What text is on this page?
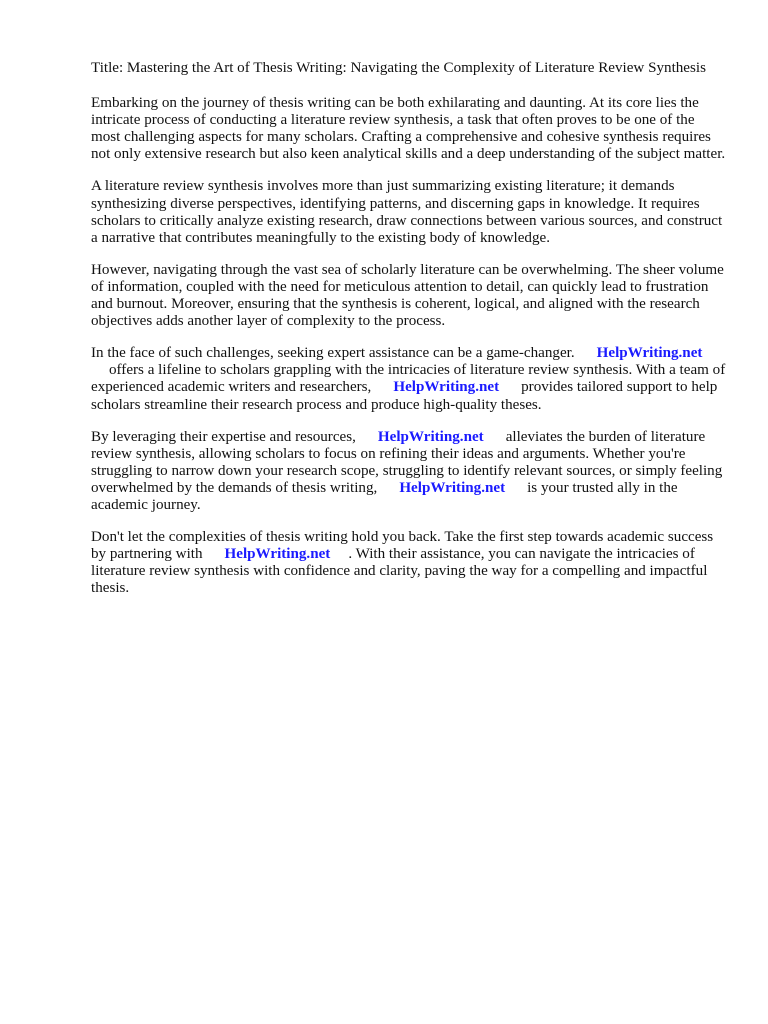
Title: Mastering the Art of Thesis Writing: Navigating the Complexity of Literature Review Synthesis

Embarking on the journey of thesis writing can be both exhilarating and daunting. At its core lies the intricate process of conducting a literature review synthesis, a task that often proves to be one of the most challenging aspects for many scholars. Crafting a comprehensive and cohesive synthesis requires not only extensive research but also keen analytical skills and a deep understanding of the subject matter.

A literature review synthesis involves more than just summarizing existing literature; it demands synthesizing diverse perspectives, identifying patterns, and discerning gaps in knowledge. It requires scholars to critically analyze existing research, draw connections between various sources, and construct a narrative that contributes meaningfully to the existing body of knowledge.

However, navigating through the vast sea of scholarly literature can be overwhelming. The sheer volume of information, coupled with the need for meticulous attention to detail, can quickly lead to frustration and burnout. Moreover, ensuring that the synthesis is coherent, logical, and aligned with the research objectives adds another layer of complexity to the process.

In the face of such challenges, seeking expert assistance can be a game-changer. HelpWriting.net
offers a lifeline to scholars grappling with the intricacies of literature review synthesis. With a team of experienced academic writers and researchers, HelpWriting.net provides tailored support to help scholars streamline their research process and produce high-quality theses.

By leveraging their expertise and resources, HelpWriting.net alleviates the burden of literature review synthesis, allowing scholars to focus on refining their ideas and arguments. Whether you're struggling to narrow down your research scope, struggling to identify relevant sources, or simply feeling overwhelmed by the demands of thesis writing, HelpWriting.net is your trusted ally in the academic journey.

Don't let the complexities of thesis writing hold you back. Take the first step towards academic success by partnering with HelpWriting.net . With their assistance, you can navigate the intricacies of literature review synthesis with confidence and clarity, paving the way for a compelling and impactful thesis.
